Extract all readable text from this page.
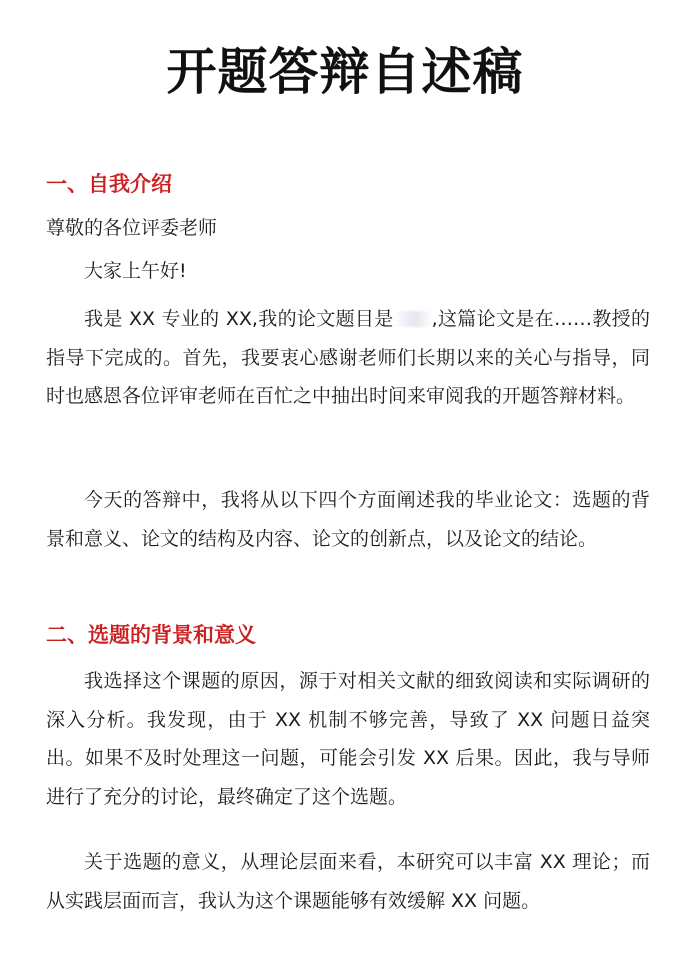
开题答辩自述稿
一、自我介绍

尊敬的各位评委老师

大家上午好!

我是 XX 专业的 XX,我的论文题目是 ,这篇论文是在……教授的指导下完成的。首先，我要衷心感谢老师们长期以来的关心与指导，同时也感恩各位评审老师在百忙之中抽出时间来审阅我的开题答辩材料。

今天的答辩中，我将从以下四个方面阐述我的毕业论文：选题的背景和意义、论文的结构及内容、论文的创新点，以及论文的结论。

二、选题的背景和意义

我选择这个课题的原因，源于对相关文献的细致阅读和实际调研的深入分析。我发现，由于 XX 机制不够完善，导致了 XX 问题日益突出。如果不及时处理这一问题，可能会引发 XX 后果。因此，我与导师进行了充分的讨论，最终确定了这个选题。

关于选题的意义，从理论层面来看，本研究可以丰富 XX 理论；而从实践层面而言，我认为这个课题能够有效缓解 XX 问题。
